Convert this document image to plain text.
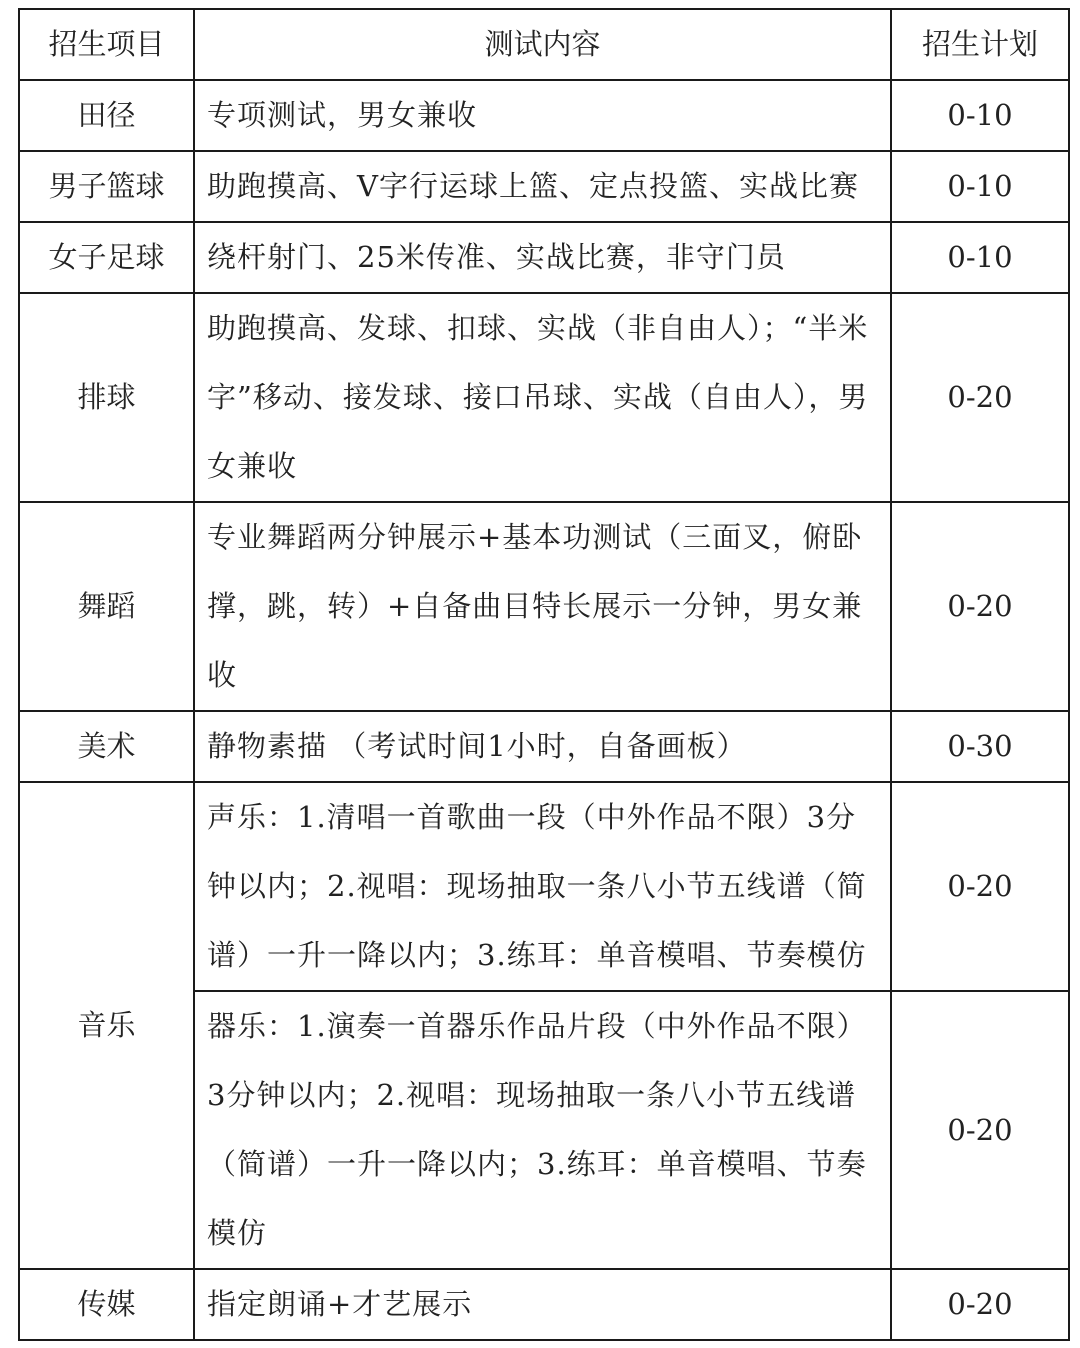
招生项目	测试内容	招生计划
田径	专项测试，男女兼收	0-10
男子篮球	助跑摸高、V字行运球上篮、定点投篮、实战比赛	0-10
女子足球	绕杆射门、25米传准、实战比赛，非守门员	0-10
排球	助跑摸高、发球、扣球、实战（非自由人）；“半米字”移动、接发球、接口吊球、实战（自由人），男女兼收	0-20
舞蹈	专业舞蹈两分钟展示+基本功测试（三面叉，俯卧撑，跳，转）+自备曲目特长展示一分钟，男女兼收	0-20
美术	静物素描 （考试时间1小时，自备画板）	0-30
音乐	声乐：1.清唱一首歌曲一段（中外作品不限）3分钟以内；2.视唱：现场抽取一条八小节五线谱（简谱）一升一降以内；3.练耳：单音模唱、节奏模仿	0-20
	器乐：1.演奏一首器乐作品片段（中外作品不限）3分钟以内；2.视唱：现场抽取一条八小节五线谱（简谱）一升一降以内；3.练耳：单音模唱、节奏模仿	0-20
传媒	指定朗诵+才艺展示	0-20
